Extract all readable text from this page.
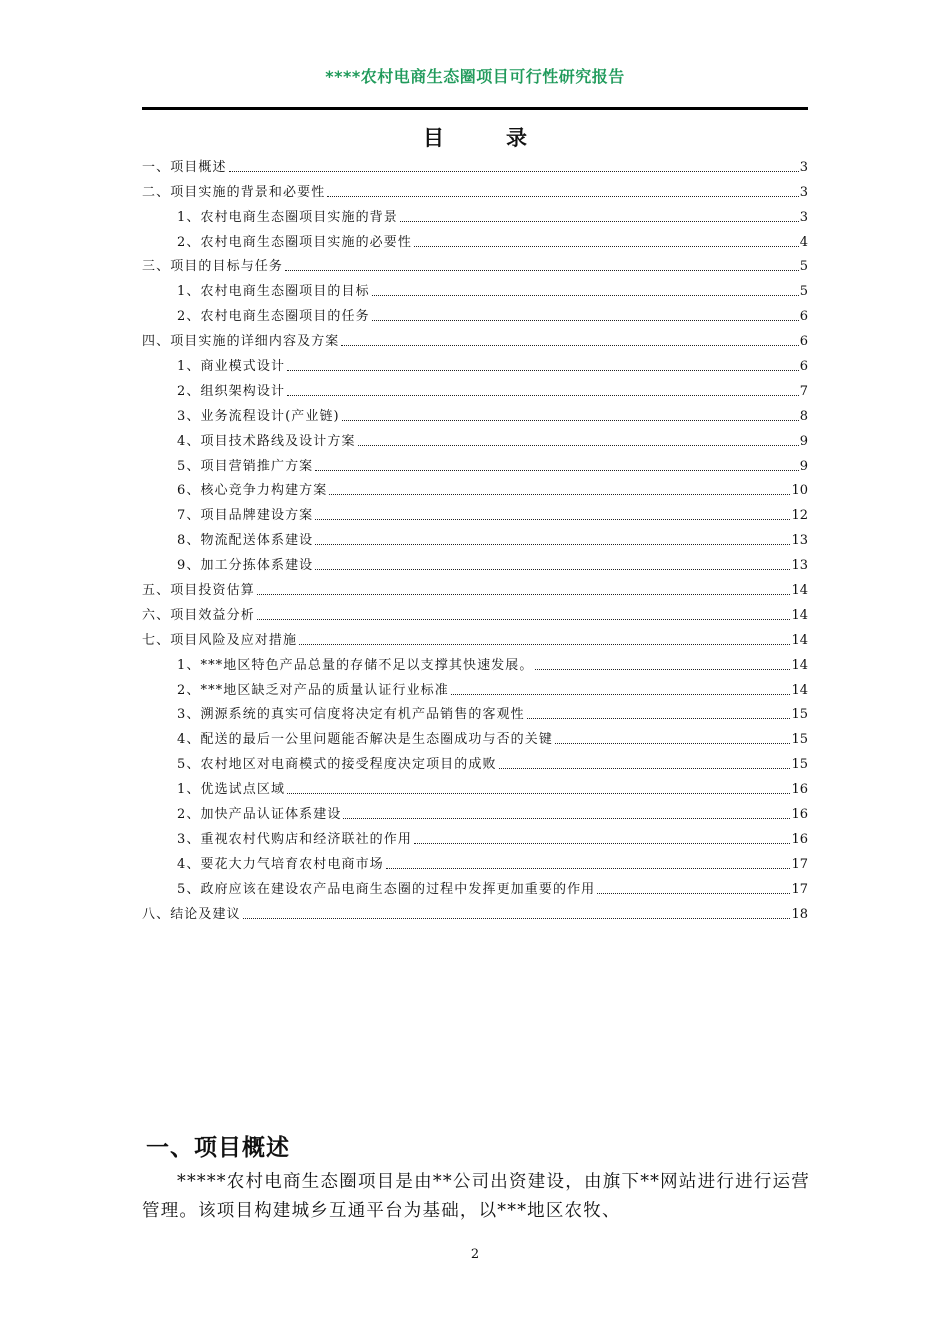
****农村电商生态圈项目可行性研究报告
目	录
一、项目概述	3
二、项目实施的背景和必要性	3
1、农村电商生态圈项目实施的背景	3
2、农村电商生态圈项目实施的必要性	4
三、项目的目标与任务	5
1、农村电商生态圈项目的目标	5
2、农村电商生态圈项目的任务	6
四、项目实施的详细内容及方案	6
1、商业模式设计	6
2、组织架构设计	7
3、业务流程设计(产业链)	8
4、项目技术路线及设计方案	9
5、项目营销推广方案	9
6、核心竞争力构建方案	10
7、项目品牌建设方案	12
8、物流配送体系建设	13
9、加工分拣体系建设	13
五、项目投资估算	14
六、项目效益分析	14
七、项目风险及应对措施	14
1、***地区特色产品总量的存储不足以支撑其快速发展。	14
2、***地区缺乏对产品的质量认证行业标准	14
3、溯源系统的真实可信度将决定有机产品销售的客观性	15
4、配送的最后一公里问题能否解决是生态圈成功与否的关键	15
5、农村地区对电商模式的接受程度决定项目的成败	15
1、优选试点区域	16
2、加快产品认证体系建设	16
3、重视农村代购店和经济联社的作用	16
4、要花大力气培育农村电商市场	17
5、政府应该在建设农产品电商生态圈的过程中发挥更加重要的作用	17
八、结论及建议	18
一、项目概述

*****农村电商生态圈项目是由**公司出资建设，由旗下**网站进行进行运营管理。该项目构建城乡互通平台为基础，以***地区农牧、

2
